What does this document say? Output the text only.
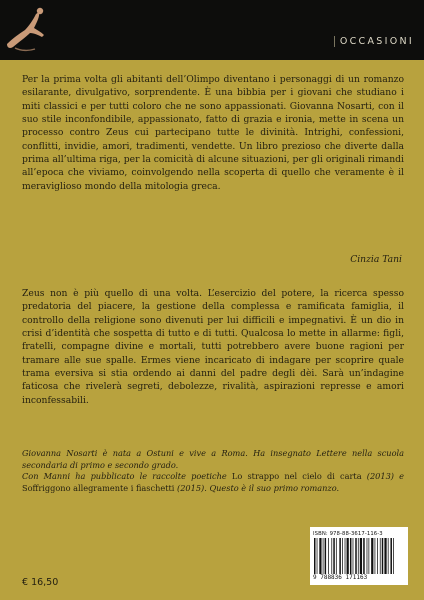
OCCASIONI

Per la prima volta gli abitanti dell’Olimpo diventano i personaggi di un romanzo esilarante, divulgativo, sorprendente. È una bibbia per i giovani che studiano i miti classici e per tutti coloro che ne sono appassionati. Giovanna Nosarti, con il suo stile inconfondibile, appassionato, fatto di grazia e ironia, mette in scena un processo contro Zeus cui partecipano tutte le divinità. Intrighi, confessioni, conflitti, invidie, amori, tradimenti, vendette. Un libro prezioso che diverte dalla prima all’ultima riga, per la comicità di alcune situazioni, per gli originali rimandi all’epoca che viviamo, coinvolgendo nella scoperta di quello che veramente è il meraviglioso mondo della mitologia greca.

Cinzia Tani

Zeus non è più quello di una volta. L’esercizio del potere, la ricerca spesso predatoria del piacere, la gestione della complessa e ramificata famiglia, il controllo della religione sono divenuti per lui difficili e impegnativi. È un dio in crisi d’identità che sospetta di tutto e di tutti. Qualcosa lo mette in allarme: figli, fratelli, compagne divine e mortali, tutti potrebbero avere buone ragioni per tramare alle sue spalle. Ermes viene incaricato di indagare per scoprire quale trama eversiva si stia ordendo ai danni del padre degli dèi. Sarà un’indagine faticosa che rivelerà segreti, debolezze, rivalità, aspirazioni represse e amori inconfessabili.

Giovanna Nosarti è nata a Ostuni e vive a Roma. Ha insegnato Lettere nella scuola secondaria di primo e secondo grado.

Con Manni ha pubblicato le raccolte poetiche Lo strappo nel cielo di carta (2013) e Soffriggono allegramente i fiaschetti (2015). Questo è il suo primo romanzo.

ISBN: 978-88-3617-116-3
9 788836 171163
€ 16,50
